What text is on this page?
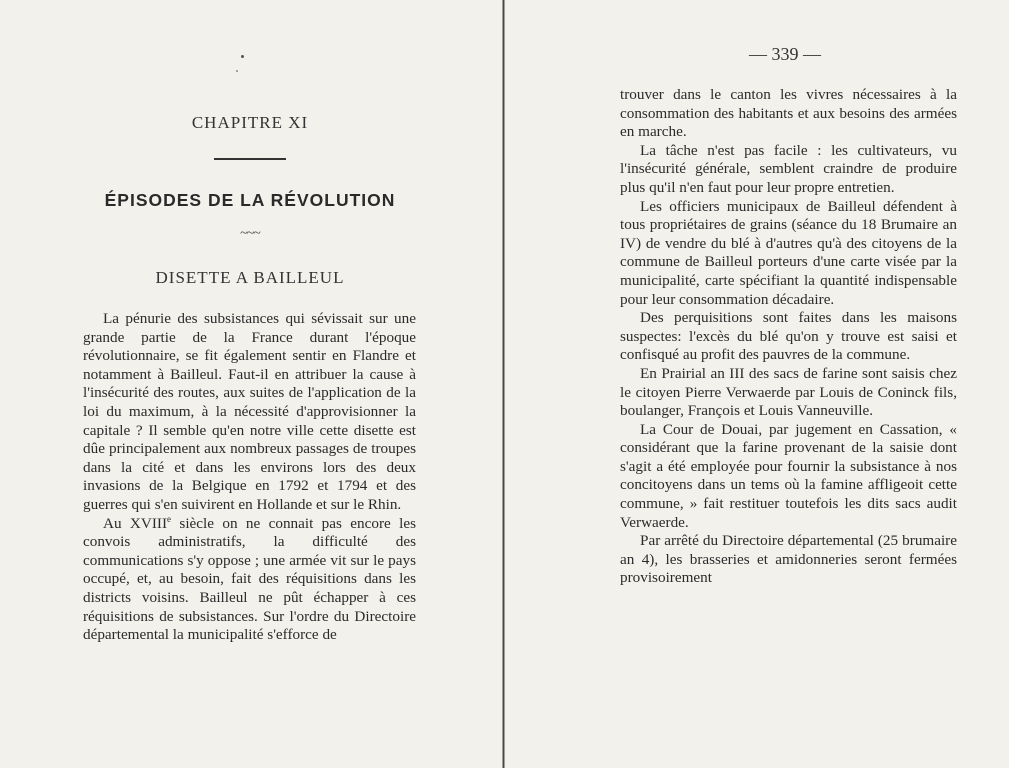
CHAPITRE XI
ÉPISODES DE LA RÉVOLUTION
~~~
DISETTE A BAILLEUL

La pénurie des subsistances qui sévissait sur une grande partie de la France durant l'époque révolutionnaire, se fit également sentir en Flandre et notamment à Bailleul. Faut-il en attribuer la cause à l'insécurité des routes, aux suites de l'application de la loi du maximum, à la nécessité d'approvisionner la capitale ? Il semble qu'en notre ville cette disette est dûe principalement aux nombreux passages de troupes dans la cité et dans les environs lors des deux invasions de la Belgique en 1792 et 1794 et des guerres qui s'en suivirent en Hollande et sur le Rhin.

Au XVIIIe siècle on ne connait pas encore les convois administratifs, la difficulté des communications s'y oppose ; une armée vit sur le pays occupé, et, au besoin, fait des réquisitions dans les districts voisins. Bailleul ne pût échapper à ces réquisitions de subsistances. Sur l'ordre du Directoire départemental la municipalité s'efforce de

— 339 —

trouver dans le canton les vivres nécessaires à la consommation des habitants et aux besoins des armées en marche.

La tâche n'est pas facile : les cultivateurs, vu l'insécurité générale, semblent craindre de produire plus qu'il n'en faut pour leur propre entretien.

Les officiers municipaux de Bailleul défendent à tous propriétaires de grains (séance du 18 Brumaire an IV) de vendre du blé à d'autres qu'à des citoyens de la commune de Bailleul porteurs d'une carte visée par la municipalité, carte spécifiant la quantité indispensable pour leur consommation décadaire.

Des perquisitions sont faites dans les maisons suspectes: l'excès du blé qu'on y trouve est saisi et confisqué au profit des pauvres de la commune.

En Prairial an III des sacs de farine sont saisis chez le citoyen Pierre Verwaerde par Louis de Coninck fils, boulanger, François et Louis Vanneuville.

La Cour de Douai, par jugement en Cassation, « considérant que la farine provenant de la saisie dont s'agit a été employée pour fournir la subsistance à nos concitoyens dans un tems où la famine affligeoit cette commune, » fait restituer toutefois les dits sacs audit Verwaerde.

Par arrêté du Directoire départemental (25 brumaire an 4), les brasseries et amidonneries seront fermées provisoirement
